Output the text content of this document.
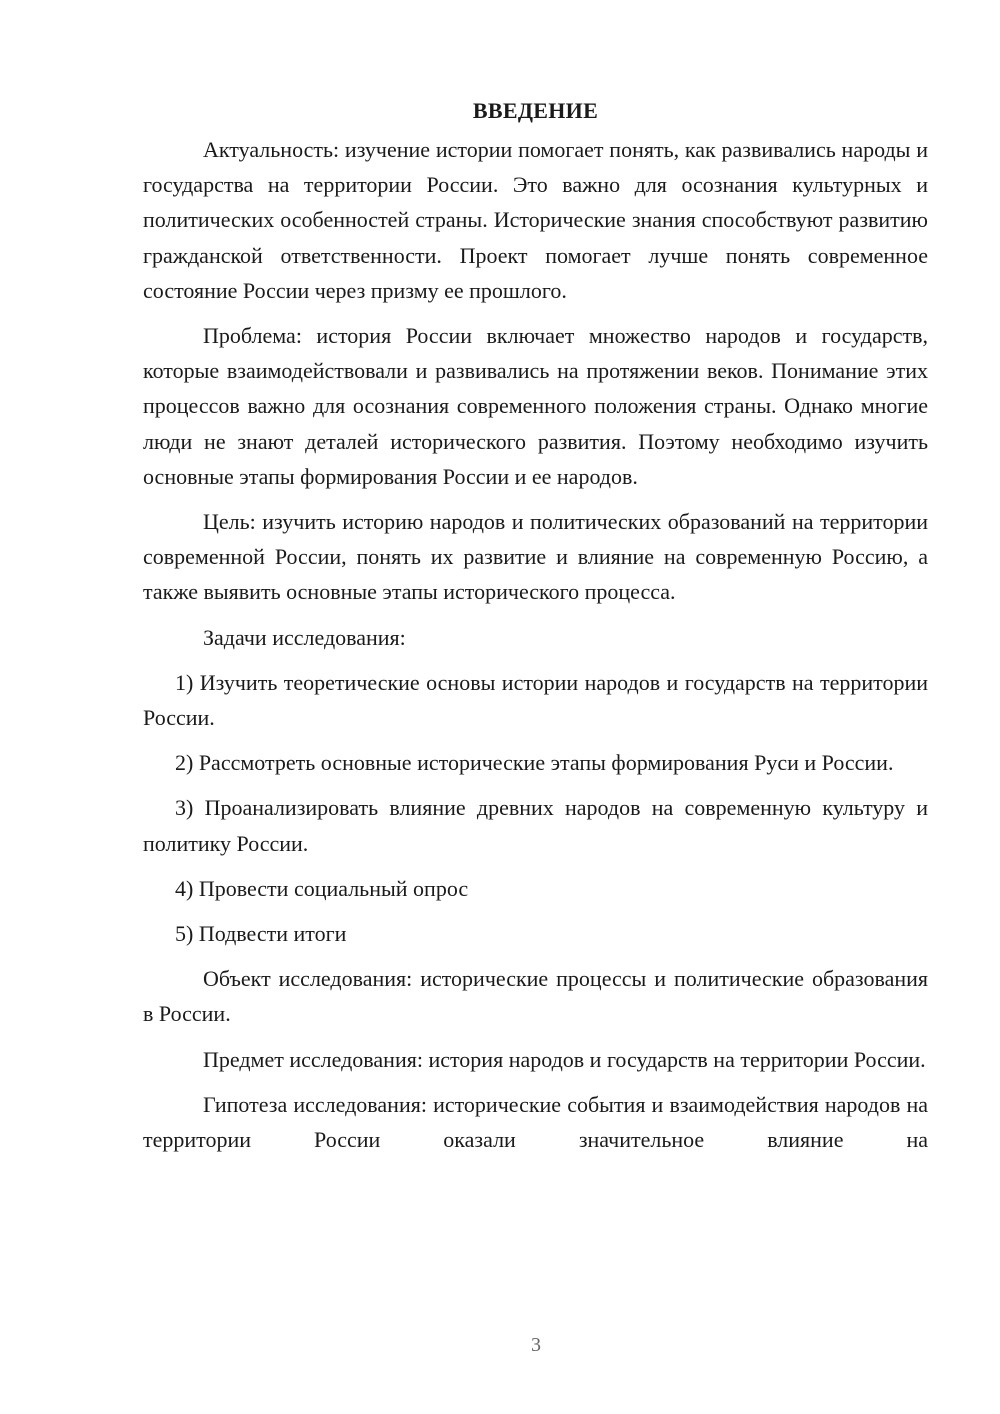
ВВЕДЕНИЕ

Актуальность: изучение истории помогает понять, как развивались народы и государства на территории России. Это важно для осознания культурных и политических особенностей страны. Исторические знания способствуют развитию гражданской ответственности. Проект помогает лучше понять современное состояние России через призму ее прошлого.

Проблема: история России включает множество народов и государств, которые взаимодействовали и развивались на протяжении веков. Понимание этих процессов важно для осознания современного положения страны. Однако многие люди не знают деталей исторического развития. Поэтому необходимо изучить основные этапы формирования России и ее народов.

Цель: изучить историю народов и политических образований на территории современной России, понять их развитие и влияние на современную Россию, а также выявить основные этапы исторического процесса.

Задачи исследования:

1) Изучить теоретические основы истории народов и государств на территории России.

2) Рассмотреть основные исторические этапы формирования Руси и России.

3) Проанализировать влияние древних народов на современную культуру и политику России.

4) Провести социальный опрос

5) Подвести итоги

Объект исследования: исторические процессы и политические образования в России.

Предмет исследования: история народов и государств на территории России.

Гипотеза исследования: исторические события и взаимодействия народов на территории России оказали значительное влияние на

3
